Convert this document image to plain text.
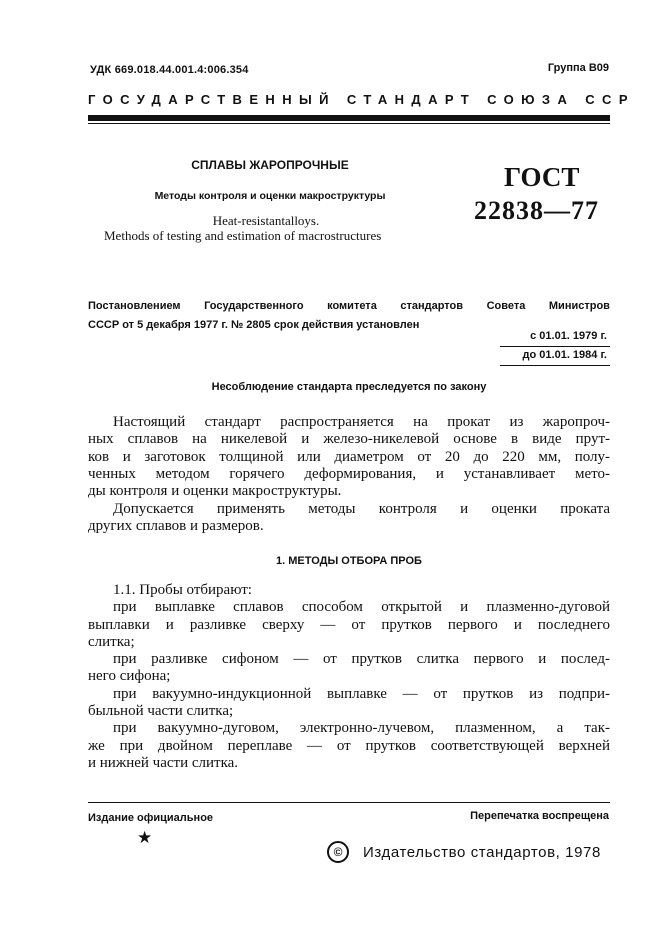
УДК 669.018.44.001.4:006.354	Группа В09
ГОСУДАРСТВЕННЫЙ СТАНДАРТ СОЮЗА ССР
СПЛАВЫ ЖАРОПРОЧНЫЕ
Методы контроля и оценки макроструктуры
Heat-resistantalloys.
Methods of testing and estimation of macrostructures
ГОСТ
22838—77
Постановлением Государственного комитета стандартов Совета Министров
СССР от 5 декабря 1977 г. № 2805 срок действия установлен
с 01.01. 1979 г.
до 01.01. 1984 г.
Несоблюдение стандарта преследуется по закону
Настоящий стандарт распространяется на прокат из жаропроч-
ных сплавов на никелевой и железо-никелевой основе в виде прут-
ков и заготовок толщиной или диаметром от 20 до 220 мм, полу-
ченных методом горячего деформирования, и устанавливает мето-
ды контроля и оценки макроструктуры.
Допускается применять методы контроля и оценки проката
других сплавов и размеров.
1. МЕТОДЫ ОТБОРА ПРОБ
1.1. Пробы отбирают:
при выплавке сплавов способом открытой и плазменно-дуговой
выплавки и разливке сверху — от прутков первого и последнего
слитка;
при разливке сифоном — от прутков слитка первого и послед-
него сифона;
при вакуумно-индукционной выплавке — от прутков из подпри-
быльной части слитка;
при вакуумно-дуговом, электронно-лучевом, плазменном, а так-
же при двойном переплаве — от прутков соответствующей верхней
и нижней части слитка.
Издание официальное	Перепечатка воспрещена
★
©	Издательство стандартов, 1978
